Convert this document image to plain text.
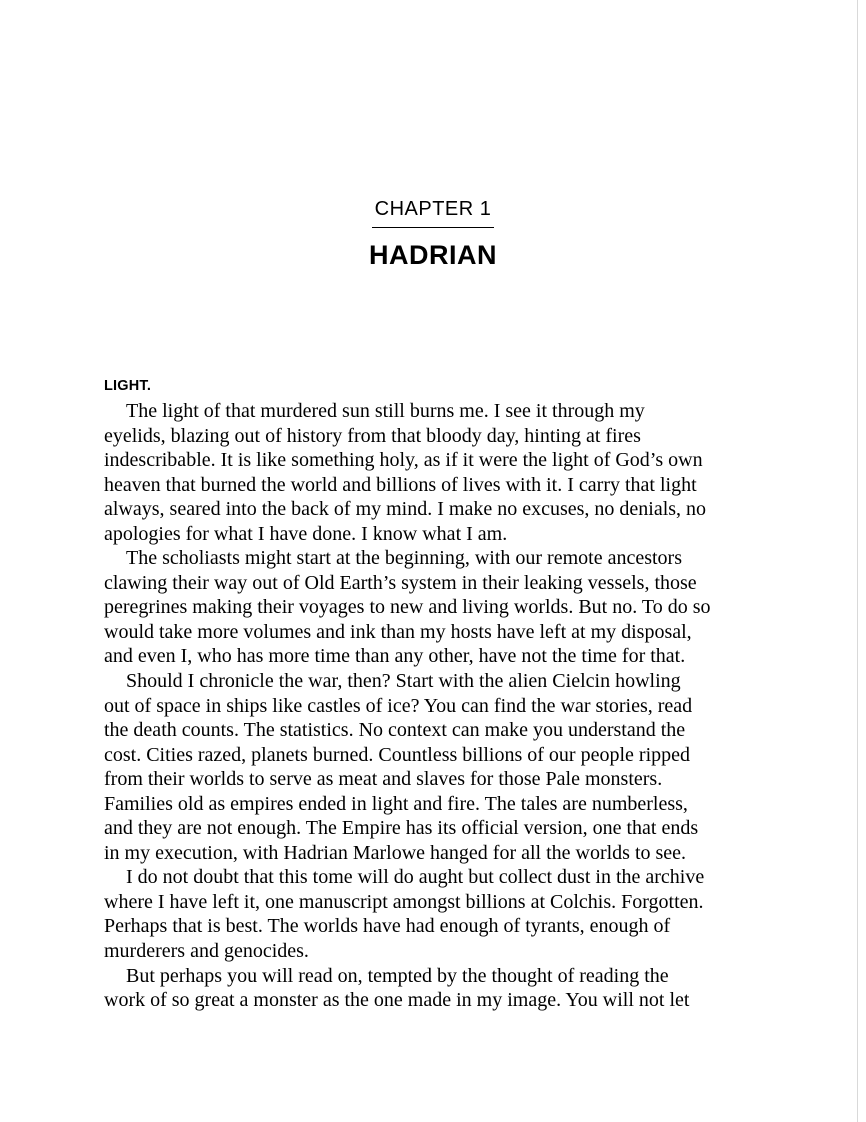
CHAPTER 1
HADRIAN
LIGHT.

The light of that murdered sun still burns me. I see it through my
eyelids, blazing out of history from that bloody day, hinting at fires
indescribable. It is like something holy, as if it were the light of God’s own
heaven that burned the world and billions of lives with it. I carry that light
always, seared into the back of my mind. I make no excuses, no denials, no
apologies for what I have done. I know what I am.

The scholiasts might start at the beginning, with our remote ancestors
clawing their way out of Old Earth’s system in their leaking vessels, those
peregrines making their voyages to new and living worlds. But no. To do so
would take more volumes and ink than my hosts have left at my disposal,
and even I, who has more time than any other, have not the time for that.

Should I chronicle the war, then? Start with the alien Cielcin howling
out of space in ships like castles of ice? You can find the war stories, read
the death counts. The statistics. No context can make you understand the
cost. Cities razed, planets burned. Countless billions of our people ripped
from their worlds to serve as meat and slaves for those Pale monsters.
Families old as empires ended in light and fire. The tales are numberless,
and they are not enough. The Empire has its official version, one that ends
in my execution, with Hadrian Marlowe hanged for all the worlds to see.

I do not doubt that this tome will do aught but collect dust in the archive
where I have left it, one manuscript amongst billions at Colchis. Forgotten.
Perhaps that is best. The worlds have had enough of tyrants, enough of
murderers and genocides.

But perhaps you will read on, tempted by the thought of reading the
work of so great a monster as the one made in my image. You will not let
